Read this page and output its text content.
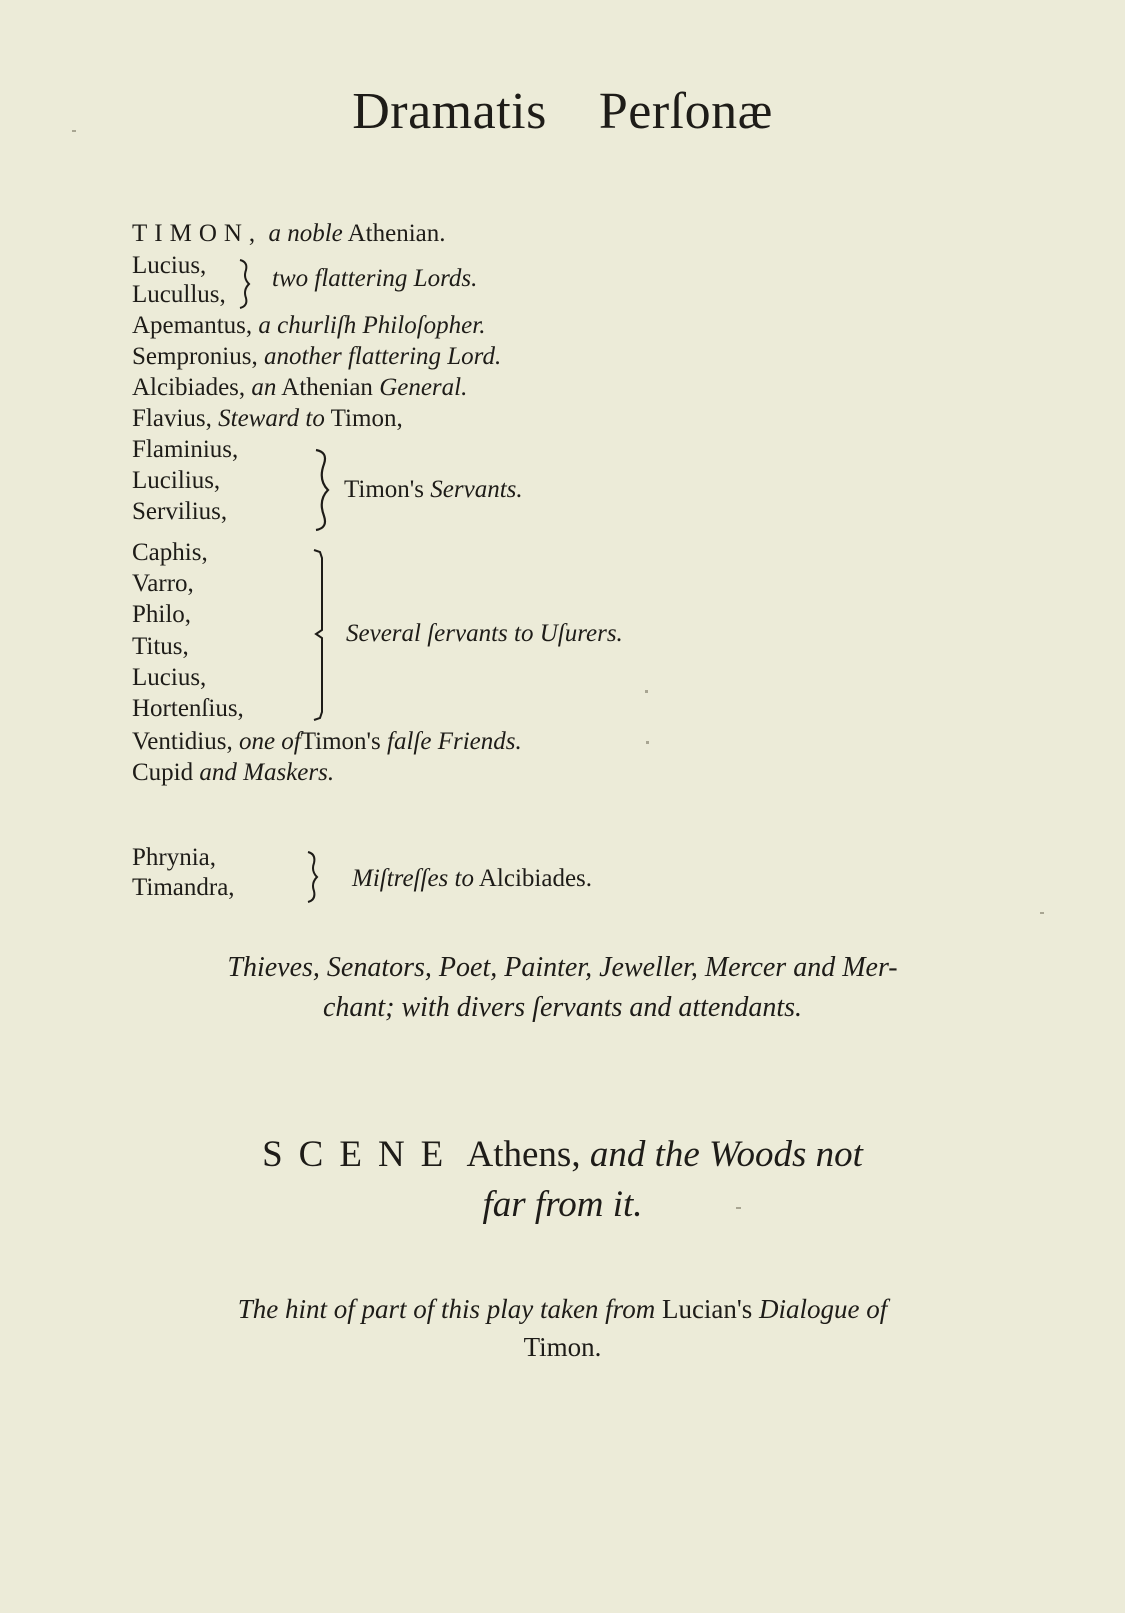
Dramatis Perſonæ
TIMON, a noble Athenian.
Lucius,
Lucullus,
two flattering Lords.
Apemantus, a churliſh Philoſopher.
Sempronius, another flattering Lord.
Alcibiades, an Athenian General.
Flavius, Steward to Timon,
Flaminius,
Lucilius,
Servilius,
Timon's Servants.
Caphis,
Varro,
Philo,
Titus,
Lucius,
Hortenſius,
Several ſervants to Uſurers.
Ventidius, one ofTimon's falſe Friends.
Cupid and Maskers.
Phrynia,
Timandra,	Miſtreſſes to Alcibiades.
Thieves, Senators, Poet, Painter, Jeweller, Mercer and Mer-
chant; with divers ſervants and attendants.
SCENE Athens, and the Woods not
far from it.
The hint of part of this play taken from Lucian's Dialogue of
Timon.
